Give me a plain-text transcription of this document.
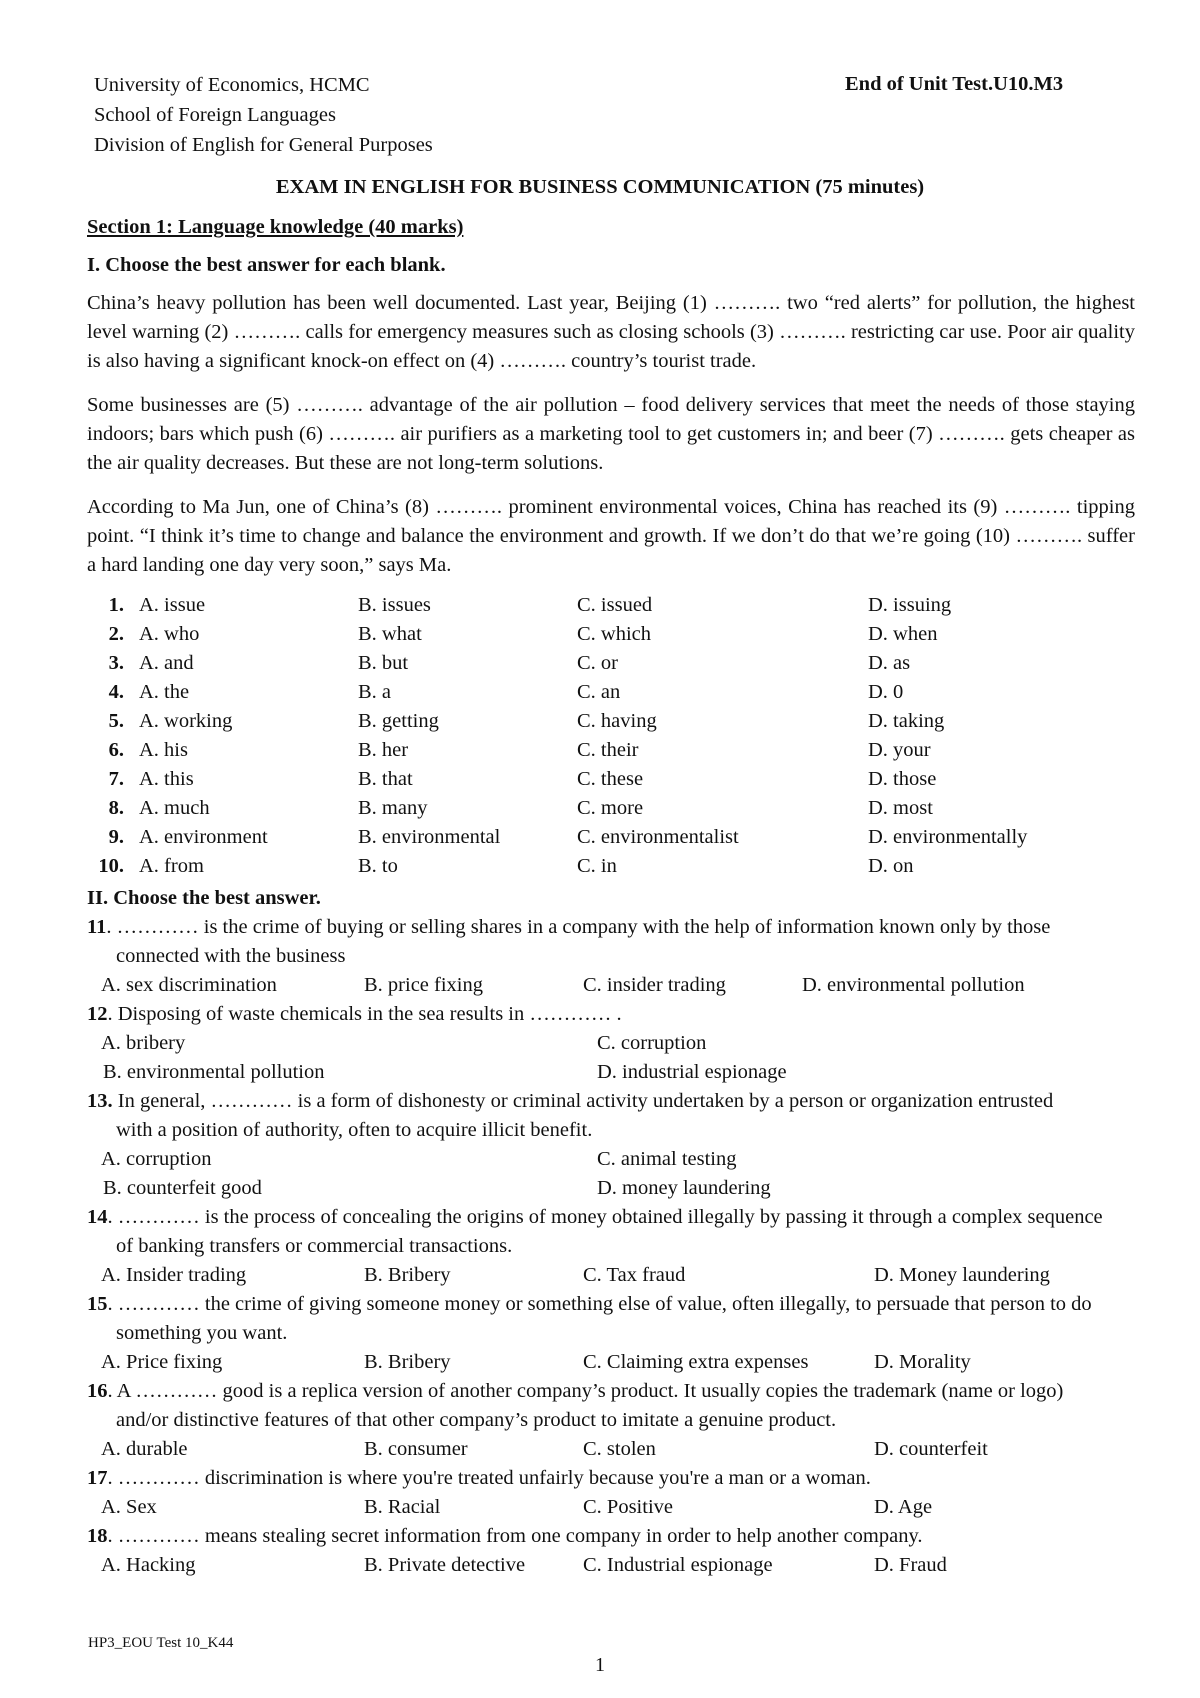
University of Economics, HCMC
School of Foreign Languages
Division of English for General Purposes
End of Unit Test.U10.M3
EXAM IN ENGLISH FOR BUSINESS COMMUNICATION (75 minutes)
Section 1: Language knowledge (40 marks)
I. Choose the best answer for each blank.
China’s heavy pollution has been well documented. Last year, Beijing (1) ………. two “red alerts” for pollution, the highest level warning (2) ………. calls for emergency measures such as closing schools (3) ………. restricting car use. Poor air quality is also having a significant knock-on effect on (4) ………. country’s tourist trade.
Some businesses are (5) ………. advantage of the air pollution – food delivery services that meet the needs of those staying indoors; bars which push (6) ………. air purifiers as a marketing tool to get customers in; and beer (7) ………. gets cheaper as the air quality decreases. But these are not long-term solutions.
According to Ma Jun, one of China’s (8) ………. prominent environmental voices, China has reached its (9) ………. tipping point. “I think it’s time to change and balance the environment and growth. If we don’t do that we’re going (10) ………. suffer a hard landing one day very soon,” says Ma.
1. A. issue	B. issues	C. issued	D. issuing
2. A. who	B. what	C. which	D. when
3. A. and	B. but	C. or	D. as
4. A. the	B. a	C. an	D. 0
5. A. working	B. getting	C. having	D. taking
6. A. his	B. her	C. their	D. your
7. A. this	B. that	C. these	D. those
8. A. much	B. many	C. more	D. most
9. A. environment	B. environmental	C. environmentalist	D. environmentally
10. A. from	B. to	C. in	D. on
II. Choose the best answer.
11. ………… is the crime of buying or selling shares in a company with the help of information known only by those connected with the business
A. sex discrimination	B. price fixing	C. insider trading	D. environmental pollution
12. Disposing of waste chemicals in the sea results in ………… .
A. bribery	C. corruption
B. environmental pollution	D. industrial espionage
13. In general, ………… is a form of dishonesty or criminal activity undertaken by a person or organization entrusted with a position of authority, often to acquire illicit benefit.
A. corruption	C. animal testing
B. counterfeit good	D. money laundering
14. ………… is the process of concealing the origins of money obtained illegally by passing it through a complex sequence of banking transfers or commercial transactions.
A. Insider trading	B. Bribery	C. Tax fraud	D. Money laundering
15. ………… the crime of giving someone money or something else of value, often illegally, to persuade that person to do something you want.
A. Price fixing	B. Bribery	C. Claiming extra expenses	D. Morality
16. A ………… good is a replica version of another company’s product. It usually copies the trademark (name or logo) and/or distinctive features of that other company’s product to imitate a genuine product.
A. durable	B. consumer	C. stolen	D. counterfeit
17. ………… discrimination is where you're treated unfairly because you're a man or a woman.
A. Sex	B. Racial	C. Positive	D. Age
18. ………… means stealing secret information from one company in order to help another company.
A. Hacking	B. Private detective	C. Industrial espionage	D. Fraud
HP3_EOU Test 10_K44
1
